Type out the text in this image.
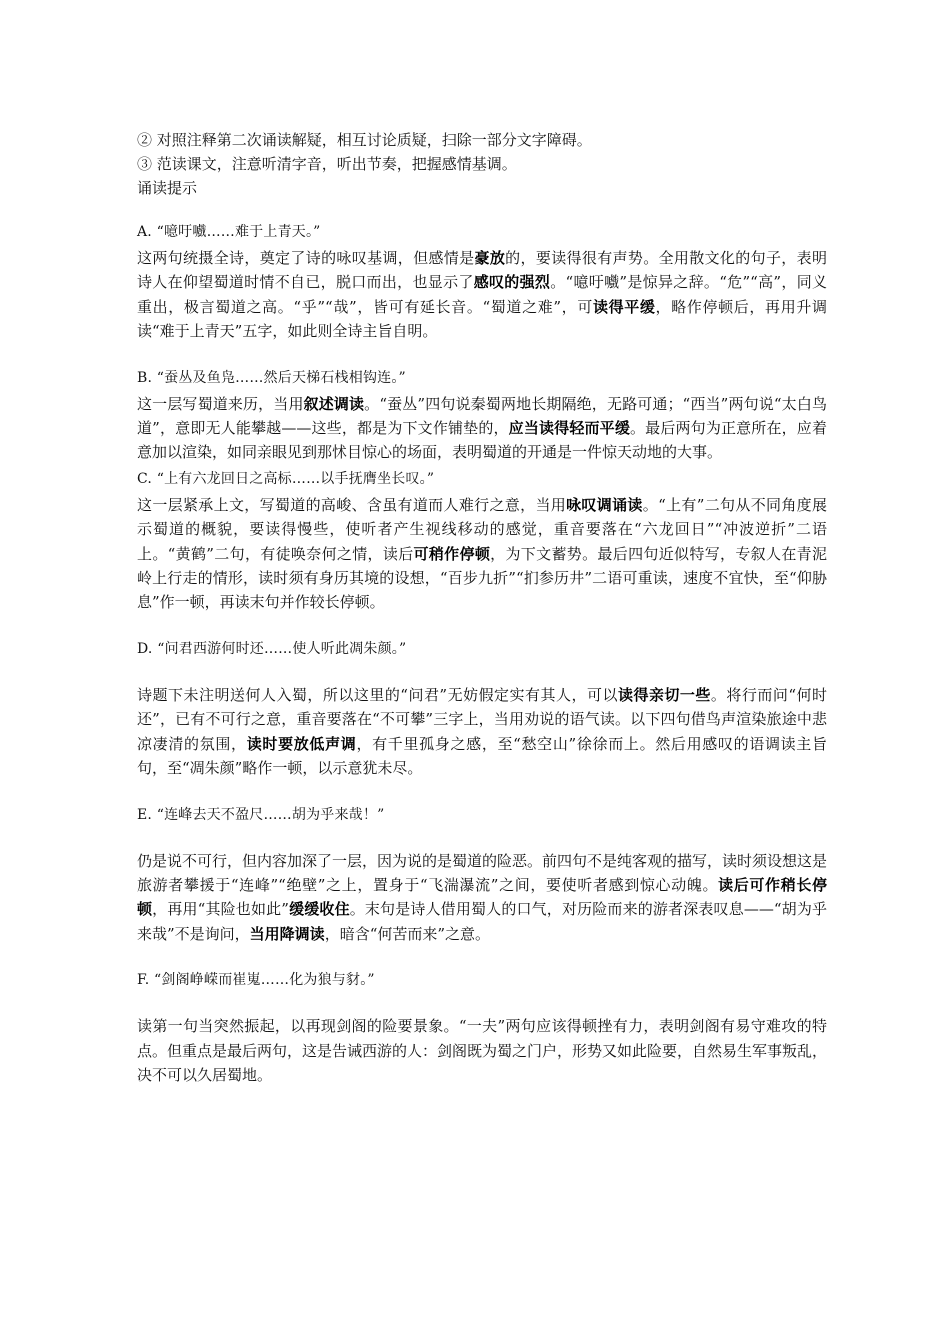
② 对照注释第二次诵读解疑，相互讨论质疑，扫除一部分文字障碍。

③ 范读课文，注意听清字音，听出节奏，把握感情基调。

诵读提示

A. “噫吁嚱……难于上青天。”

这两句统摄全诗，奠定了诗的咏叹基调，但感情是豪放的，要读得很有声势。全用散文化的句子，表明诗人在仰望蜀道时情不自已，脱口而出，也显示了感叹的强烈。“噫吁嚱”是惊异之辞。“危”“高”，同义重出，极言蜀道之高。“乎”“哉”，皆可有延长音。“蜀道之难”，可读得平缓，略作停顿后，再用升调读“难于上青天”五字，如此则全诗主旨自明。

B. “蚕丛及鱼凫……然后天梯石栈相钩连。”

这一层写蜀道来历，当用叙述调读。“蚕丛”四句说秦蜀两地长期隔绝，无路可通；“西当”两句说“太白鸟道”，意即无人能攀越——这些，都是为下文作铺垫的，应当读得轻而平缓。最后两句为正意所在，应着意加以渲染，如同亲眼见到那怵目惊心的场面，表明蜀道的开通是一件惊天动地的大事。

C. “上有六龙回日之高标……以手抚膺坐长叹。”

这一层紧承上文，写蜀道的高峻、含虽有道而人难行之意，当用咏叹调诵读。“上有”二句从不同角度展示蜀道的概貌，要读得慢些，使听者产生视线移动的感觉，重音要落在“六龙回日”“冲波逆折”二语上。“黄鹤”二句，有徒唤奈何之情，读后可稍作停顿，为下文蓄势。最后四句近似特写，专叙人在青泥岭上行走的情形，读时须有身历其境的设想，“百步九折”“扪参历井”二语可重读，速度不宜快，至“仰胁息”作一顿，再读末句并作较长停顿。

D. “问君西游何时还……使人听此凋朱颜。”

诗题下未注明送何人入蜀，所以这里的“问君”无妨假定实有其人，可以读得亲切一些。将行而问“何时还”，已有不可行之意，重音要落在“不可攀”三字上，当用劝说的语气读。以下四句借鸟声渲染旅途中悲凉凄清的氛围，读时要放低声调，有千里孤身之感，至“愁空山”徐徐而上。然后用感叹的语调读主旨句，至“凋朱颜”略作一顿，以示意犹未尽。

E. “连峰去天不盈尺……胡为乎来哉！”

仍是说不可行，但内容加深了一层，因为说的是蜀道的险恶。前四句不是纯客观的描写，读时须设想这是旅游者攀援于“连峰”“绝壁”之上，置身于“飞湍瀑流”之间，要使听者感到惊心动魄。读后可作稍长停顿，再用“其险也如此”缓缓收住。末句是诗人借用蜀人的口气，对历险而来的游者深表叹息——“胡为乎来哉”不是询问，当用降调读，暗含“何苦而来”之意。

F. “剑阁峥嵘而崔嵬……化为狼与豺。”

读第一句当突然振起，以再现剑阁的险要景象。“一夫”两句应该得顿挫有力，表明剑阁有易守难攻的特点。但重点是最后两句，这是告诫西游的人：剑阁既为蜀之门户，形势又如此险要，自然易生军事叛乱，决不可以久居蜀地。
